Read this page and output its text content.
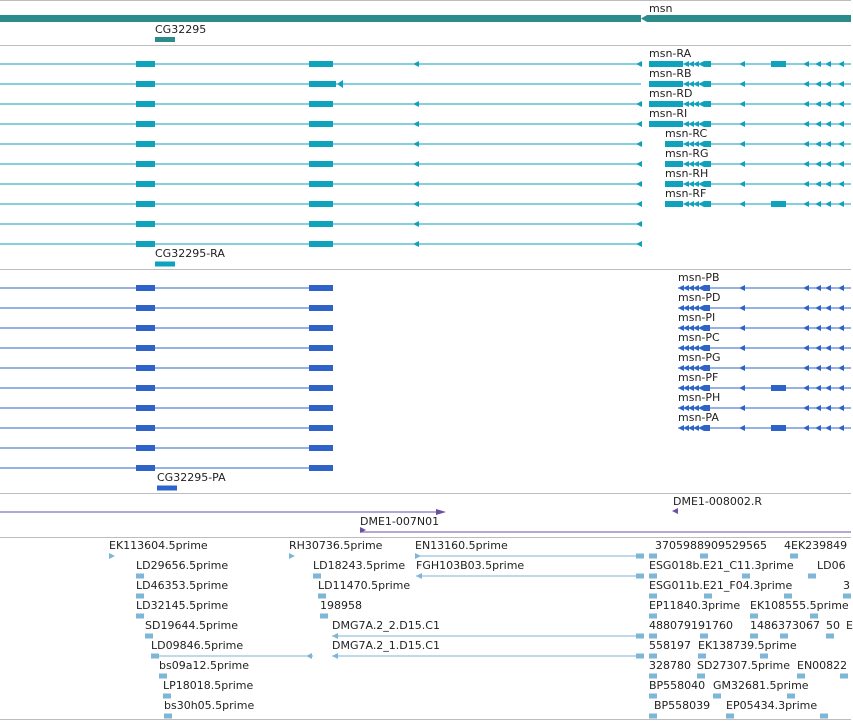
msn
CG32295
msn-RA
msn-RB
msn-RD
msn-RI
msn-RC
msn-RG
msn-RH
msn-RF
CG32295-RA
msn-PB
msn-PD
msn-PI
msn-PC
msn-PG
msn-PF
msn-PH
msn-PA
CG32295-PA
DME1-008002.R
DME1-007N01
EK113604.5prime
LD29656.5prime
LD46353.5prime
LD32145.5prime
SD19644.5prime
LD09846.5prime
bs09a12.5prime
LP18018.5prime
bs30h05.5prime
RH30736.5prime
LD18243.5prime
LD11470.5prime
198958
DMG7A.2_2.D15.C1
DMG7A.2_1.D15.C1
EN13160.5prime
FGH103B03.5prime
3705988909529565 4EK239849
ESG018b.E21_C11.3prime LD06
ESG011b.E21_F04.3prime	3
EP11840.3prime EK108555.5prime
488079191760 1486373067 50 E
558197 EK138739.5prime
328780 SD27307.5prime EN00822
BP558040 GM32681.5prime
BP558039 EP05434.3prime
